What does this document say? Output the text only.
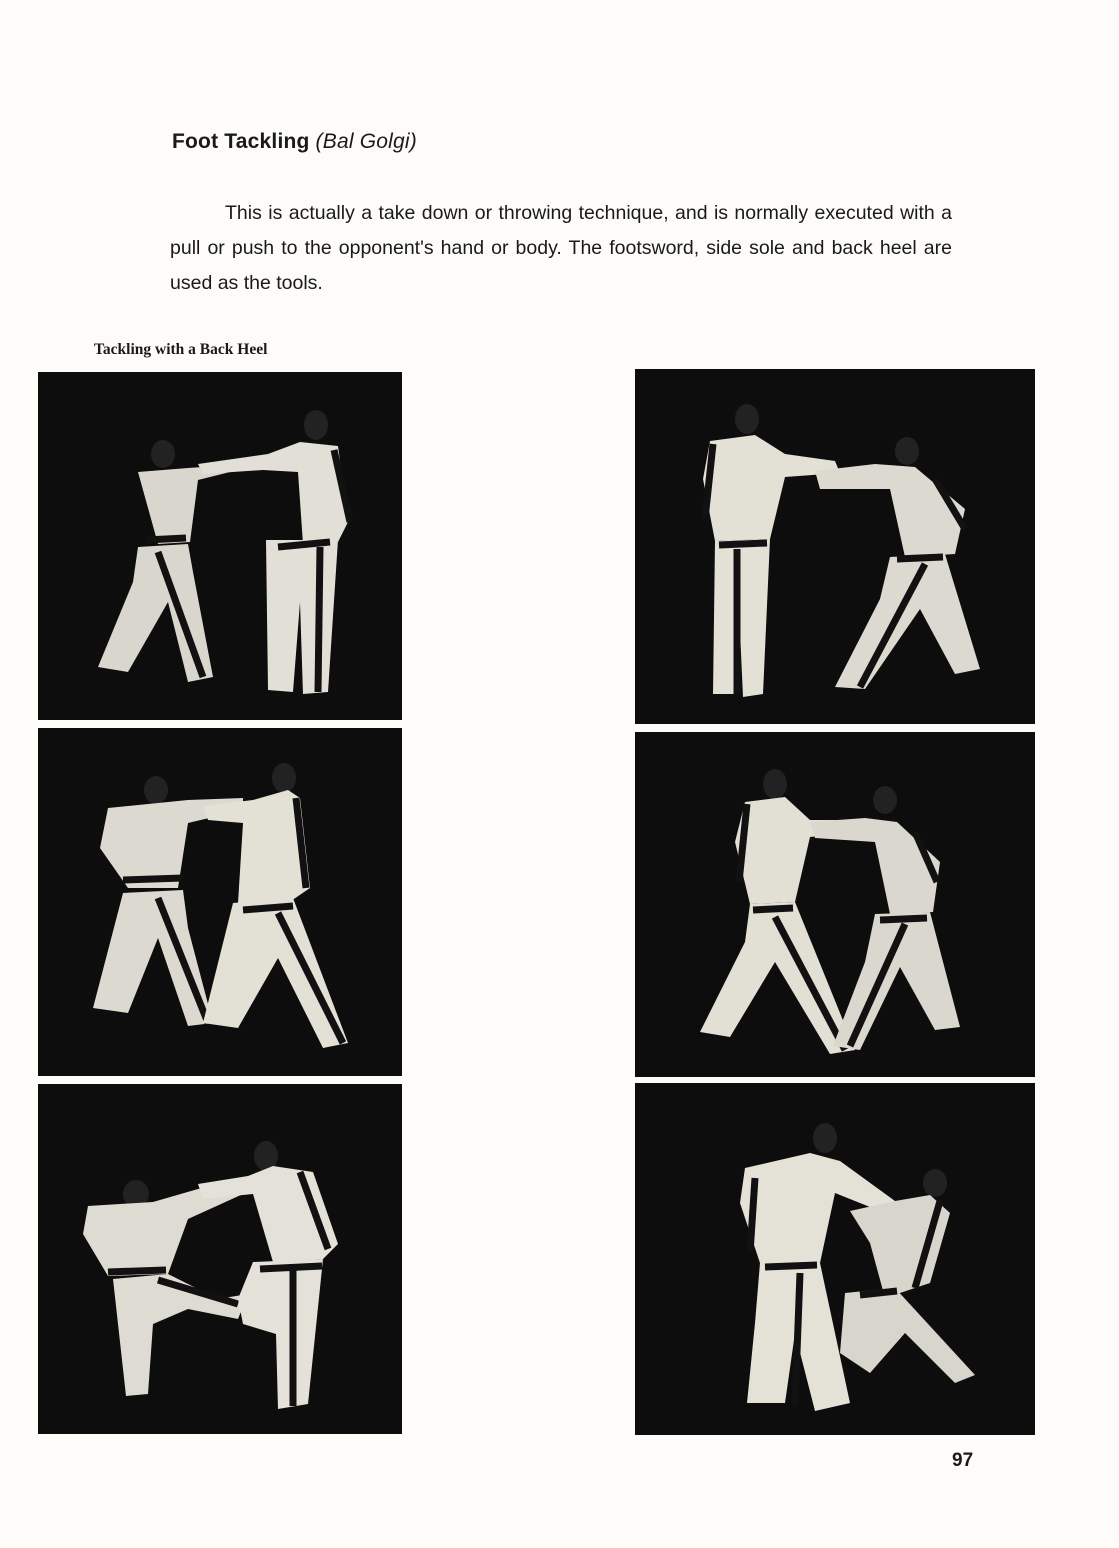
Foot Tackling (Bal Golgi)

This is actually a take down or throwing technique, and is normally executed with a pull or push to the opponent's hand or body. The footsword, side sole and back heel are used as the tools.

Tackling with a Back Heel
97
